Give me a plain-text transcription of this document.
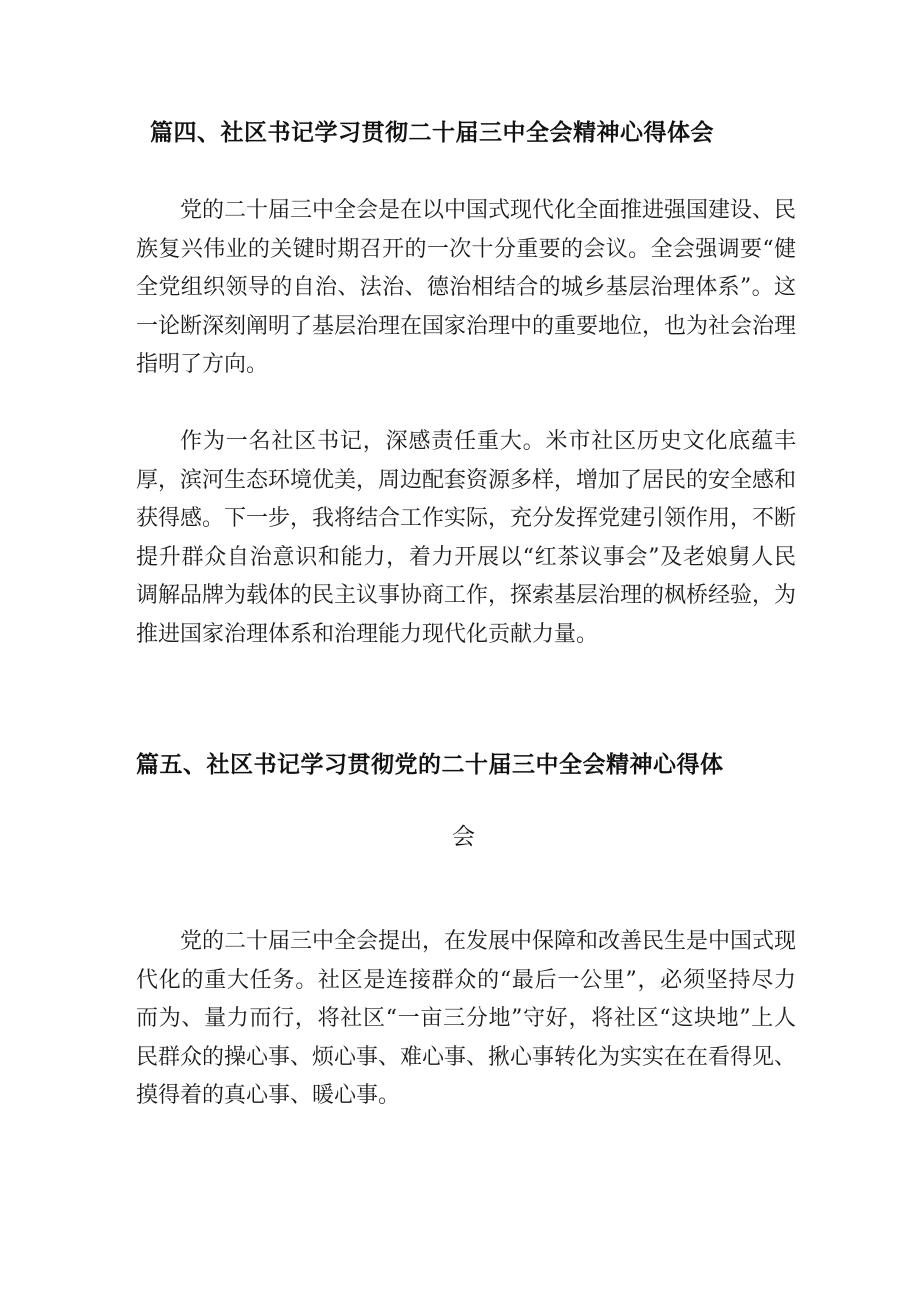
篇四、社区书记学习贯彻二十届三中全会精神心得体会

党的二十届三中全会是在以中国式现代化全面推进强国建设、民族复兴伟业的关键时期召开的一次十分重要的会议。全会强调要“健全党组织领导的自治、法治、德治相结合的城乡基层治理体系”。这一论断深刻阐明了基层治理在国家治理中的重要地位，也为社会治理指明了方向。

作为一名社区书记，深感责任重大。米市社区历史文化底蕴丰厚，滨河生态环境优美，周边配套资源多样，增加了居民的安全感和获得感。下一步，我将结合工作实际，充分发挥党建引领作用，不断提升群众自治意识和能力，着力开展以“红茶议事会”及老娘舅人民调解品牌为载体的民主议事协商工作，探索基层治理的枫桥经验，为推进国家治理体系和治理能力现代化贡献力量。

篇五、社区书记学习贯彻党的二十届三中全会精神心得体
会

党的二十届三中全会提出，在发展中保障和改善民生是中国式现代化的重大任务。社区是连接群众的“最后一公里”，必须坚持尽力而为、量力而行，将社区“一亩三分地”守好，将社区“这块地”上人民群众的操心事、烦心事、难心事、揪心事转化为实实在在看得见、摸得着的真心事、暖心事。
